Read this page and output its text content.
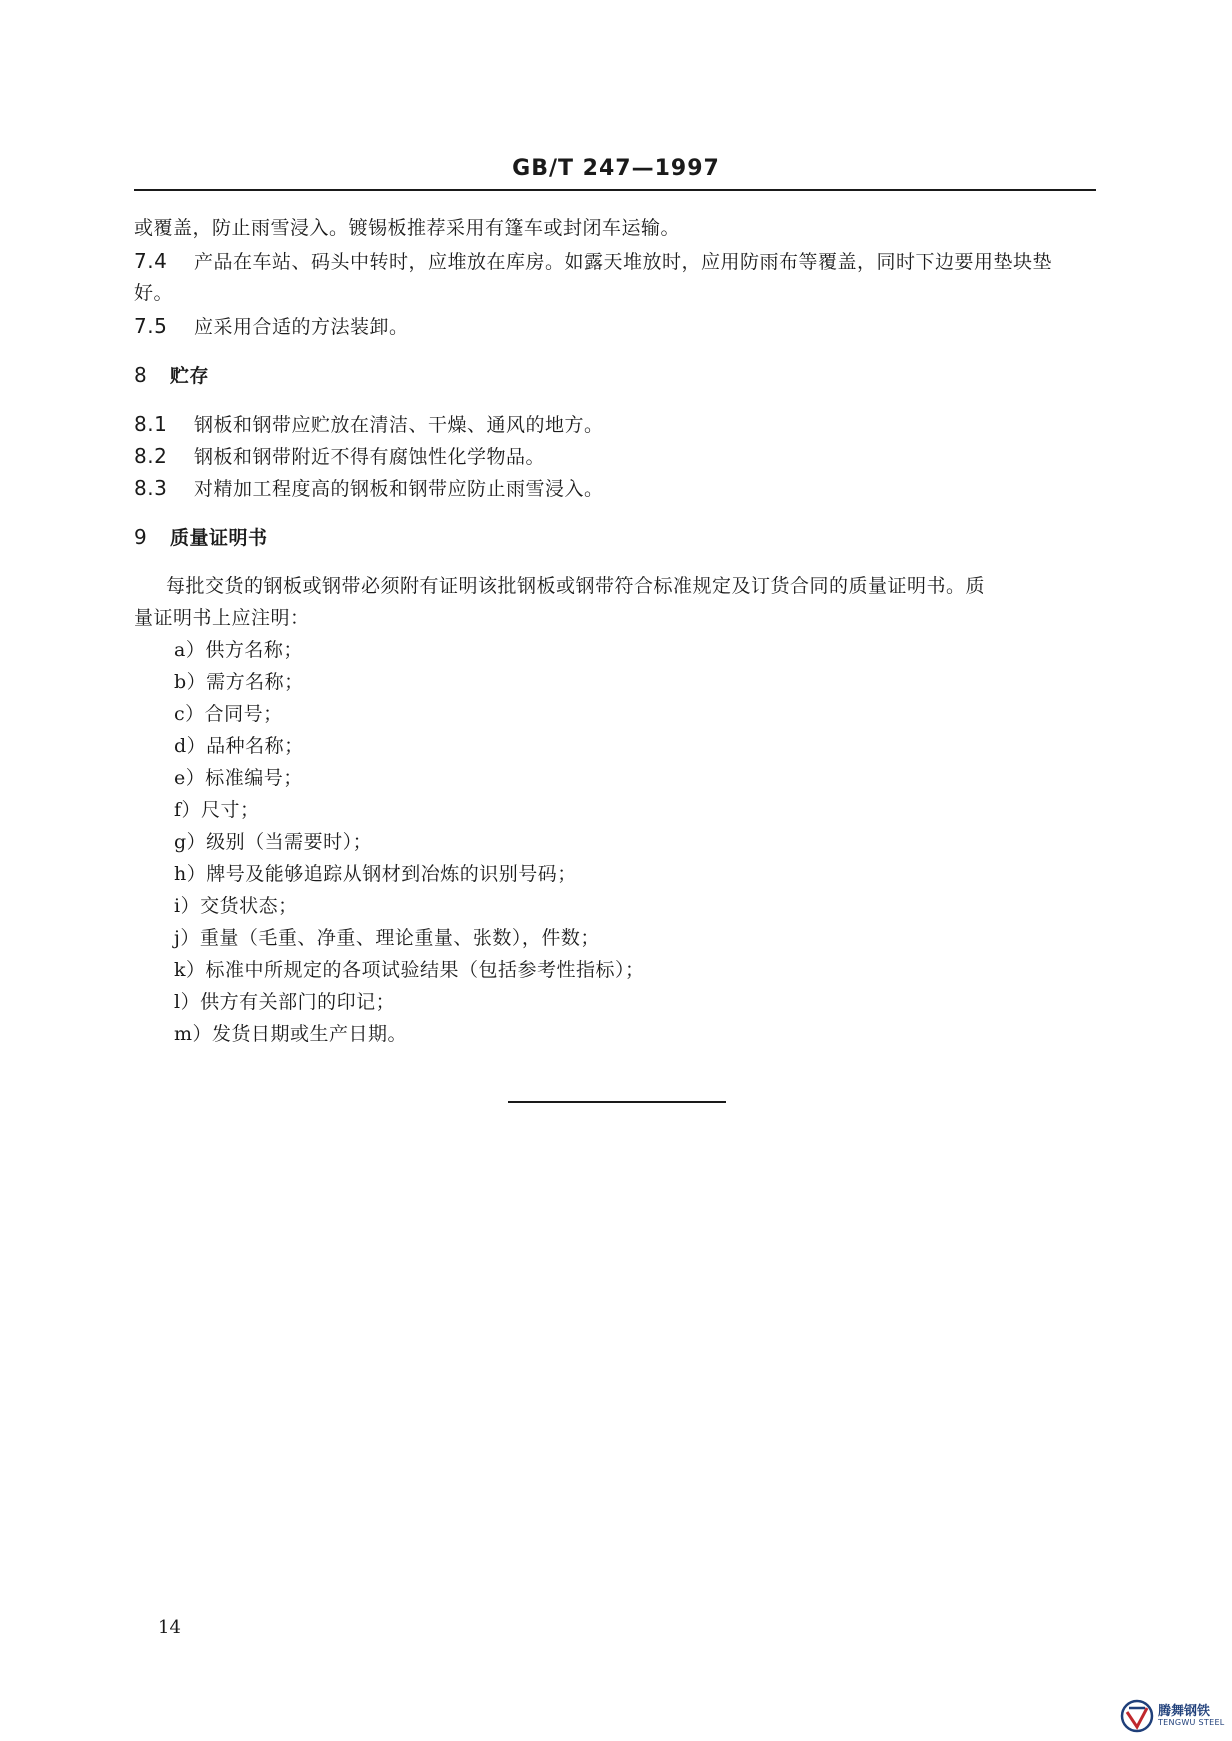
GB/T 247—1997
或覆盖，防止雨雪浸入。镀锡板推荐采用有篷车或封闭车运输。
7.4 产品在车站、码头中转时，应堆放在库房。如露天堆放时，应用防雨布等覆盖，同时下边要用垫块垫
好。
7.5 应采用合适的方法装卸。
8 贮存
8.1 钢板和钢带应贮放在清洁、干燥、通风的地方。
8.2 钢板和钢带附近不得有腐蚀性化学物品。
8.3 对精加工程度高的钢板和钢带应防止雨雪浸入。
9 质量证明书
每批交货的钢板或钢带必须附有证明该批钢板或钢带符合标准规定及订货合同的质量证明书。质
量证明书上应注明：
a）供方名称；
b）需方名称；
c）合同号；
d）品种名称；
e）标准编号；
f）尺寸；
g）级别（当需要时）；
h）牌号及能够追踪从钢材到冶炼的识别号码；
i）交货状态；
j）重量（毛重、净重、理论重量、张数），件数；
k）标准中所规定的各项试验结果（包括参考性指标）；
l）供方有关部门的印记；
m）发货日期或生产日期。
14
腾舞钢铁
TENGWU STEEL
